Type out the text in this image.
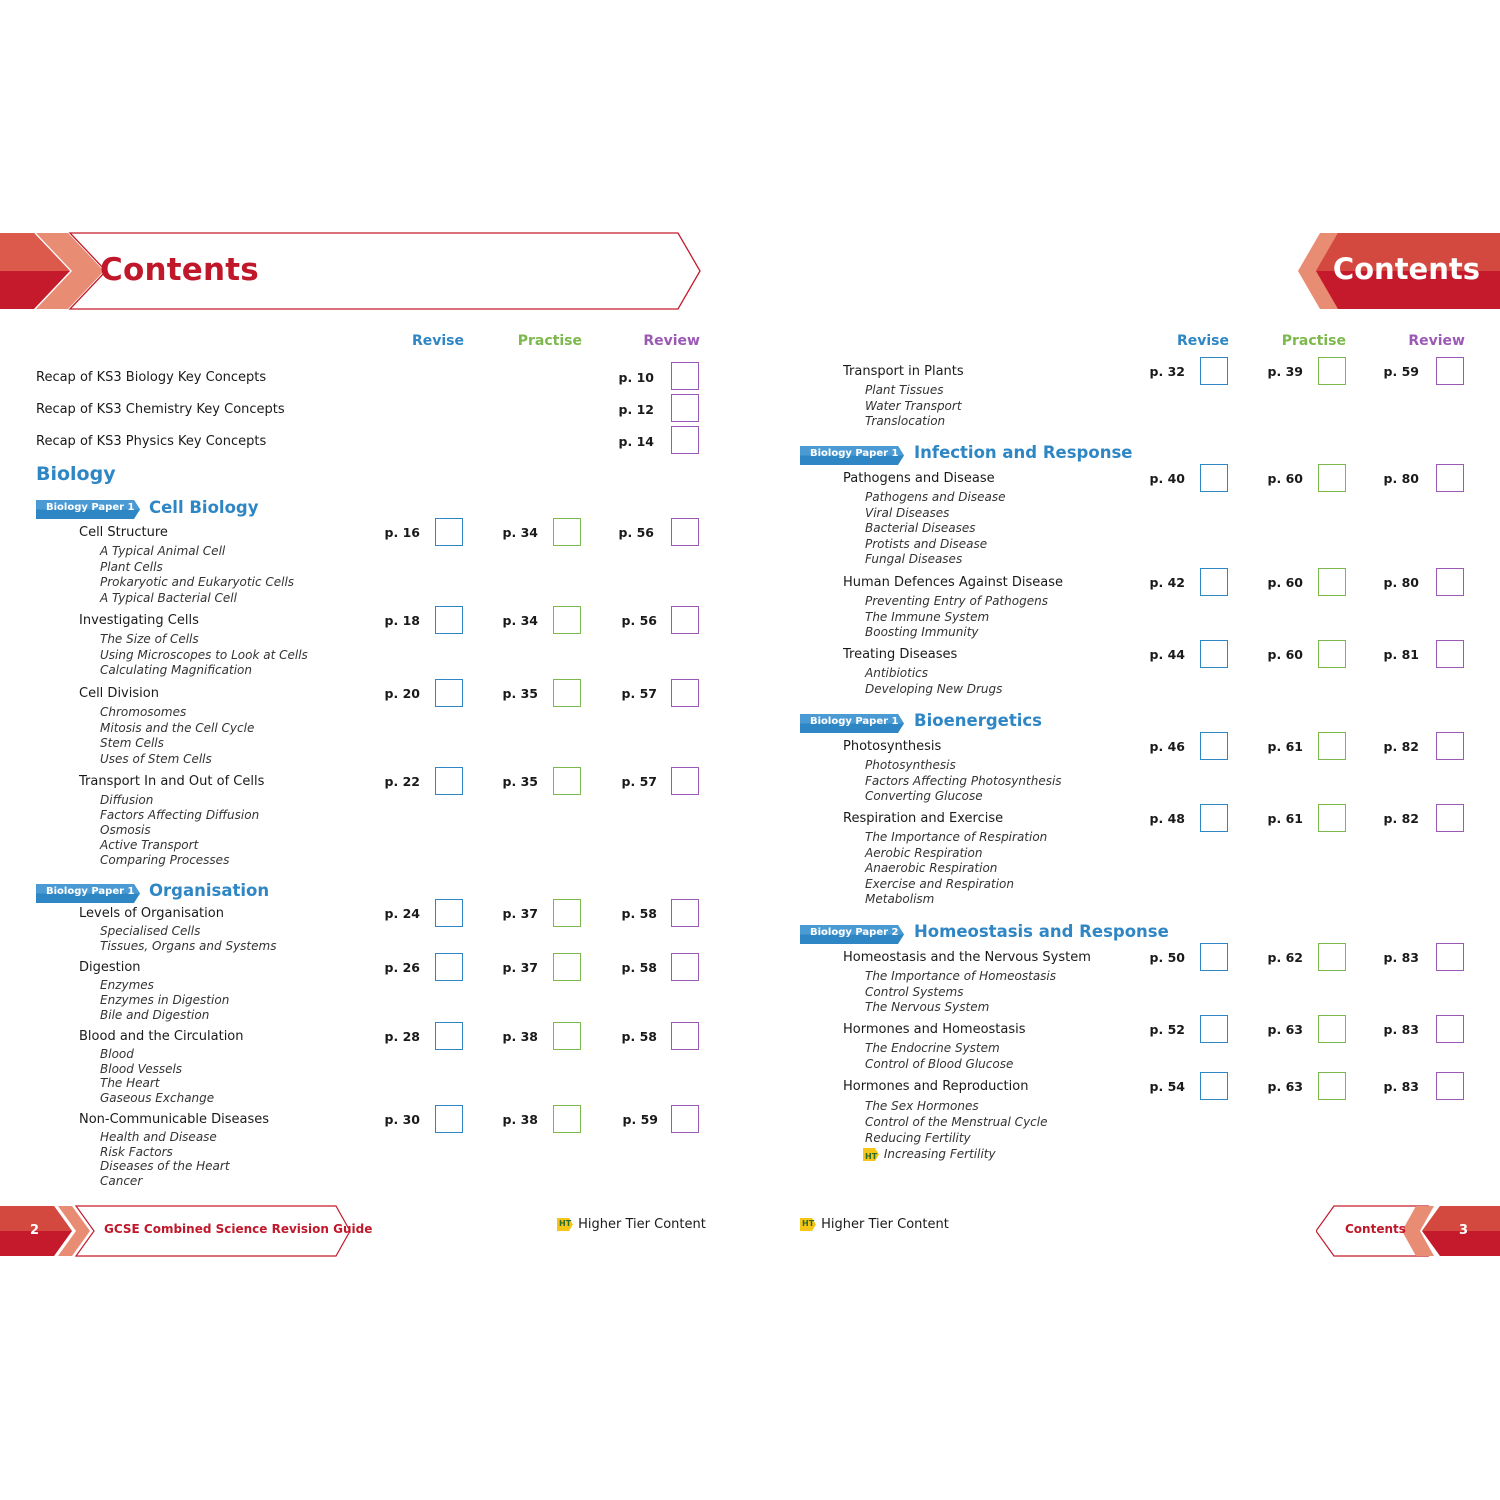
Contents	Contents
Revise	Practise	Review	Revise	Practise	Review
Recap of KS3 Biology Key Concepts	p. 10
Recap of KS3 Chemistry Key Concepts	p. 12
Recap of KS3 Physics Key Concepts	p. 14
Biology
Biology Paper 1 Cell Biology
Cell Structure	p. 16	p. 34	p. 56
A Typical Animal Cell
Plant Cells
Prokaryotic and Eukaryotic Cells
A Typical Bacterial Cell
Investigating Cells	p. 18	p. 34	p. 56
The Size of Cells
Using Microscopes to Look at Cells
Calculating Magnification
Cell Division	p. 20	p. 35	p. 57
Chromosomes
Mitosis and the Cell Cycle
Stem Cells
Uses of Stem Cells
Transport In and Out of Cells	p. 22	p. 35	p. 57
Diffusion
Factors Affecting Diffusion
Osmosis
Active Transport
Comparing Processes
Biology Paper 1 Organisation
Levels of Organisation	p. 24	p. 37	p. 58
Specialised Cells
Tissues, Organs and Systems
Digestion	p. 26	p. 37	p. 58
Enzymes
Enzymes in Digestion
Bile and Digestion
Blood and the Circulation	p. 28	p. 38	p. 58
Blood
Blood Vessels
The Heart
Gaseous Exchange
Non-Communicable Diseases	p. 30	p. 38	p. 59
Health and Disease
Risk Factors
Diseases of the Heart
Cancer
Transport in Plants	p. 32	p. 39	p. 59
Plant Tissues
Water Transport
Translocation
Biology Paper 1 Infection and Response
Pathogens and Disease	p. 40	p. 60	p. 80
Pathogens and Disease
Viral Diseases
Bacterial Diseases
Protists and Disease
Fungal Diseases
Human Defences Against Disease	p. 42	p. 60	p. 80
Preventing Entry of Pathogens
The Immune System
Boosting Immunity
Treating Diseases	p. 44	p. 60	p. 81
Antibiotics
Developing New Drugs
Biology Paper 1 Bioenergetics
Photosynthesis	p. 46	p. 61	p. 82
Photosynthesis
Factors Affecting Photosynthesis
Converting Glucose
Respiration and Exercise	p. 48	p. 61	p. 82
The Importance of Respiration
Aerobic Respiration
Anaerobic Respiration
Exercise and Respiration
Metabolism
Biology Paper 2 Homeostasis and Response
Homeostasis and the Nervous System	p. 50	p. 62	p. 83
The Importance of Homeostasis
Control Systems
The Nervous System
Hormones and Homeostasis	p. 52	p. 63	p. 83
The Endocrine System
Control of Blood Glucose
Hormones and Reproduction	p. 54	p. 63	p. 83
The Sex Hormones
Control of the Menstrual Cycle
Reducing Fertility
HT Increasing Fertility
2	GCSE Combined Science Revision Guide	HT Higher Tier Content	HT Higher Tier Content	Contents	3
